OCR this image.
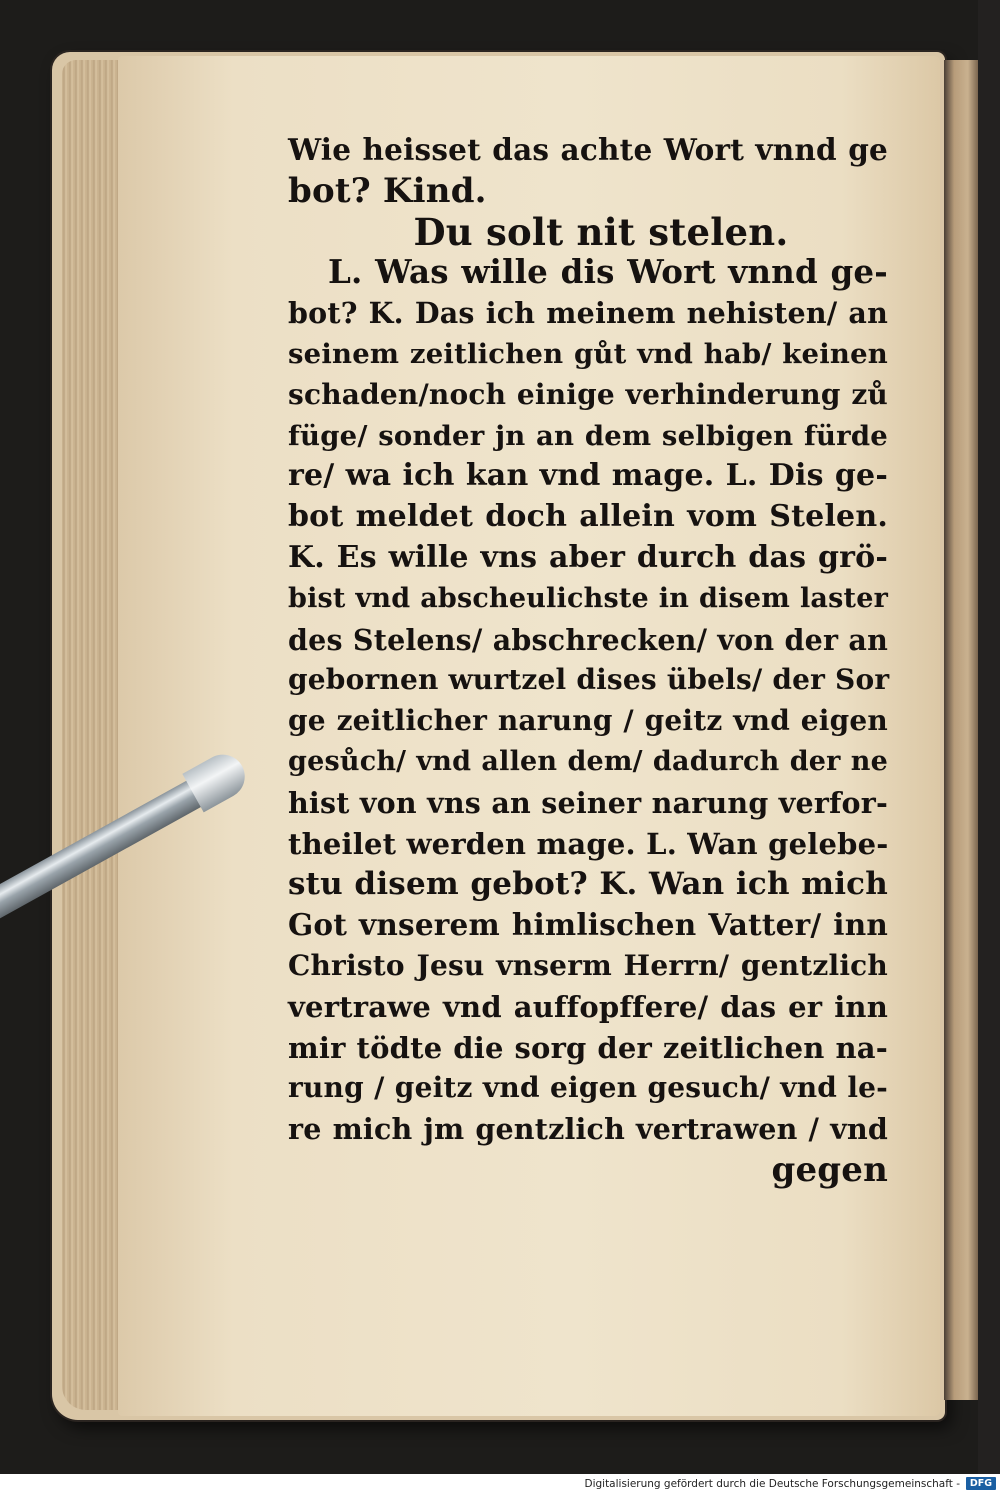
Wie heisset das achte Wort vnnd ge
bot? Kind.
Du solt nit stelen.
L. Was wille dis Wort vnnd ge-
bot? K. Das ich meinem nehisten/ an
seinem zeitlichen gůt vnd hab/ keinen
schaden/noch einige verhinderung zů
füge/ sonder jn an dem selbigen fürde
re/ wa ich kan vnd mage. L. Dis ge-
bot meldet doch allein vom Stelen.
K. Es wille vns aber durch das grö-
bist vnd abscheulichste in disem laster
des Stelens/ abschrecken/ von der an
gebornen wurtzel dises übels/ der Sor
ge zeitlicher narung / geitz vnd eigen
gesůch/ vnd allen dem/ dadurch der ne
hist von vns an seiner narung verfor-
theilet werden mage. L. Wan gelebe-
stu disem gebot? K. Wan ich mich
Got vnserem himlischen Vatter/ inn
Christo Jesu vnserm Herrn/ gentzlich
vertrawe vnd auffopffere/ das er inn
mir tödte die sorg der zeitlichen na-
rung / geitz vnd eigen gesuch/ vnd le-
re mich jm gentzlich vertrawen / vnd
gegen
Digitalisierung gefördert durch die Deutsche Forschungsgemeinschaft -	DFG
